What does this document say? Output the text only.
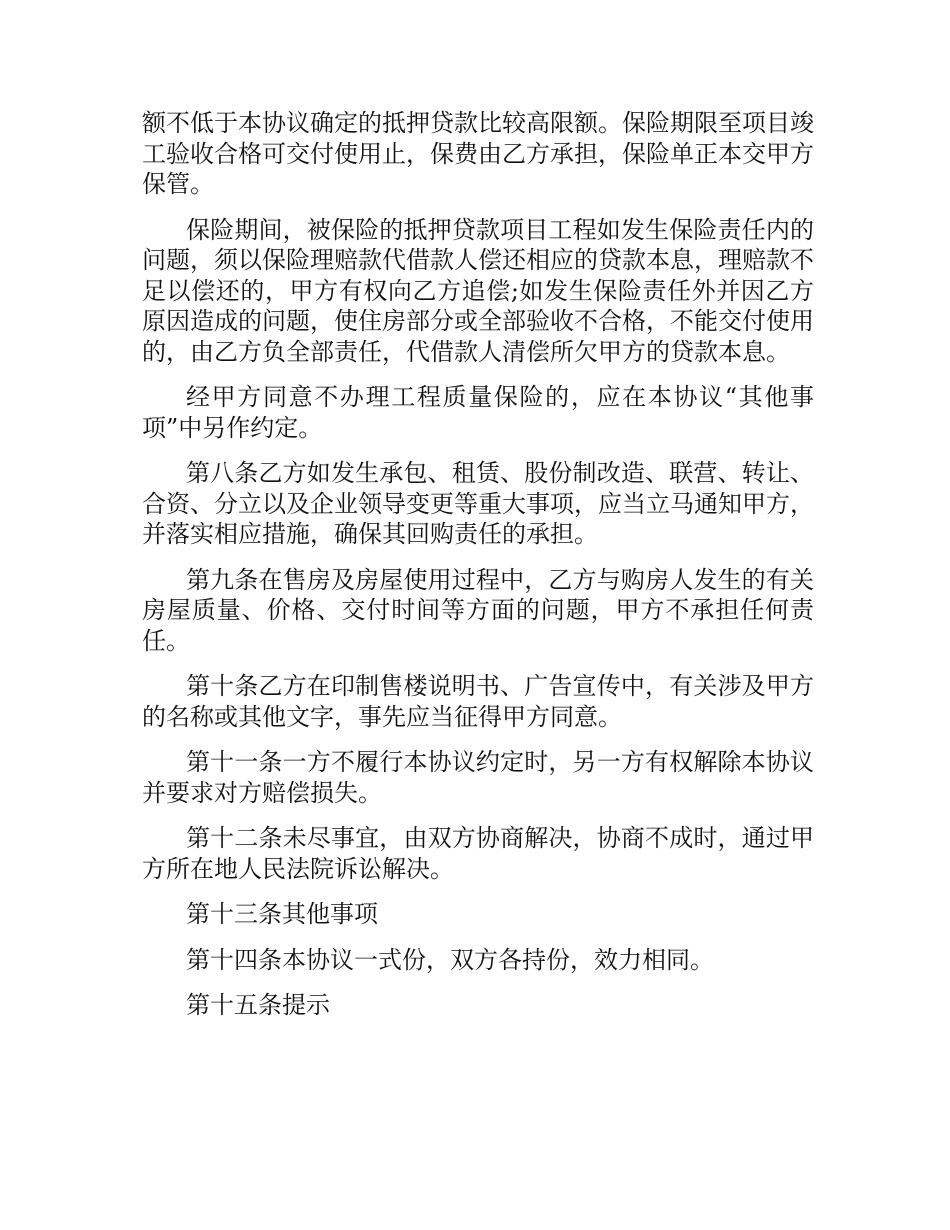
额不低于本协议确定的抵押贷款比较高限额。保险期限至项目竣工验收合格可交付使用止，保费由乙方承担，保险单正本交甲方保管。

保险期间，被保险的抵押贷款项目工程如发生保险责任内的问题，须以保险理赔款代借款人偿还相应的贷款本息，理赔款不足以偿还的，甲方有权向乙方追偿;如发生保险责任外并因乙方原因造成的问题，使住房部分或全部验收不合格，不能交付使用的，由乙方负全部责任，代借款人清偿所欠甲方的贷款本息。

经甲方同意不办理工程质量保险的，应在本协议“其他事项”中另作约定。

第八条乙方如发生承包、租赁、股份制改造、联营、转让、合资、分立以及企业领导变更等重大事项，应当立马通知甲方，并落实相应措施，确保其回购责任的承担。

第九条在售房及房屋使用过程中，乙方与购房人发生的有关房屋质量、价格、交付时间等方面的问题，甲方不承担任何责任。

第十条乙方在印制售楼说明书、广告宣传中，有关涉及甲方的名称或其他文字，事先应当征得甲方同意。

第十一条一方不履行本协议约定时，另一方有权解除本协议并要求对方赔偿损失。

第十二条未尽事宜，由双方协商解决，协商不成时，通过甲方所在地人民法院诉讼解决。

第十三条其他事项

第十四条本协议一式份，双方各持份，效力相同。

第十五条提示
